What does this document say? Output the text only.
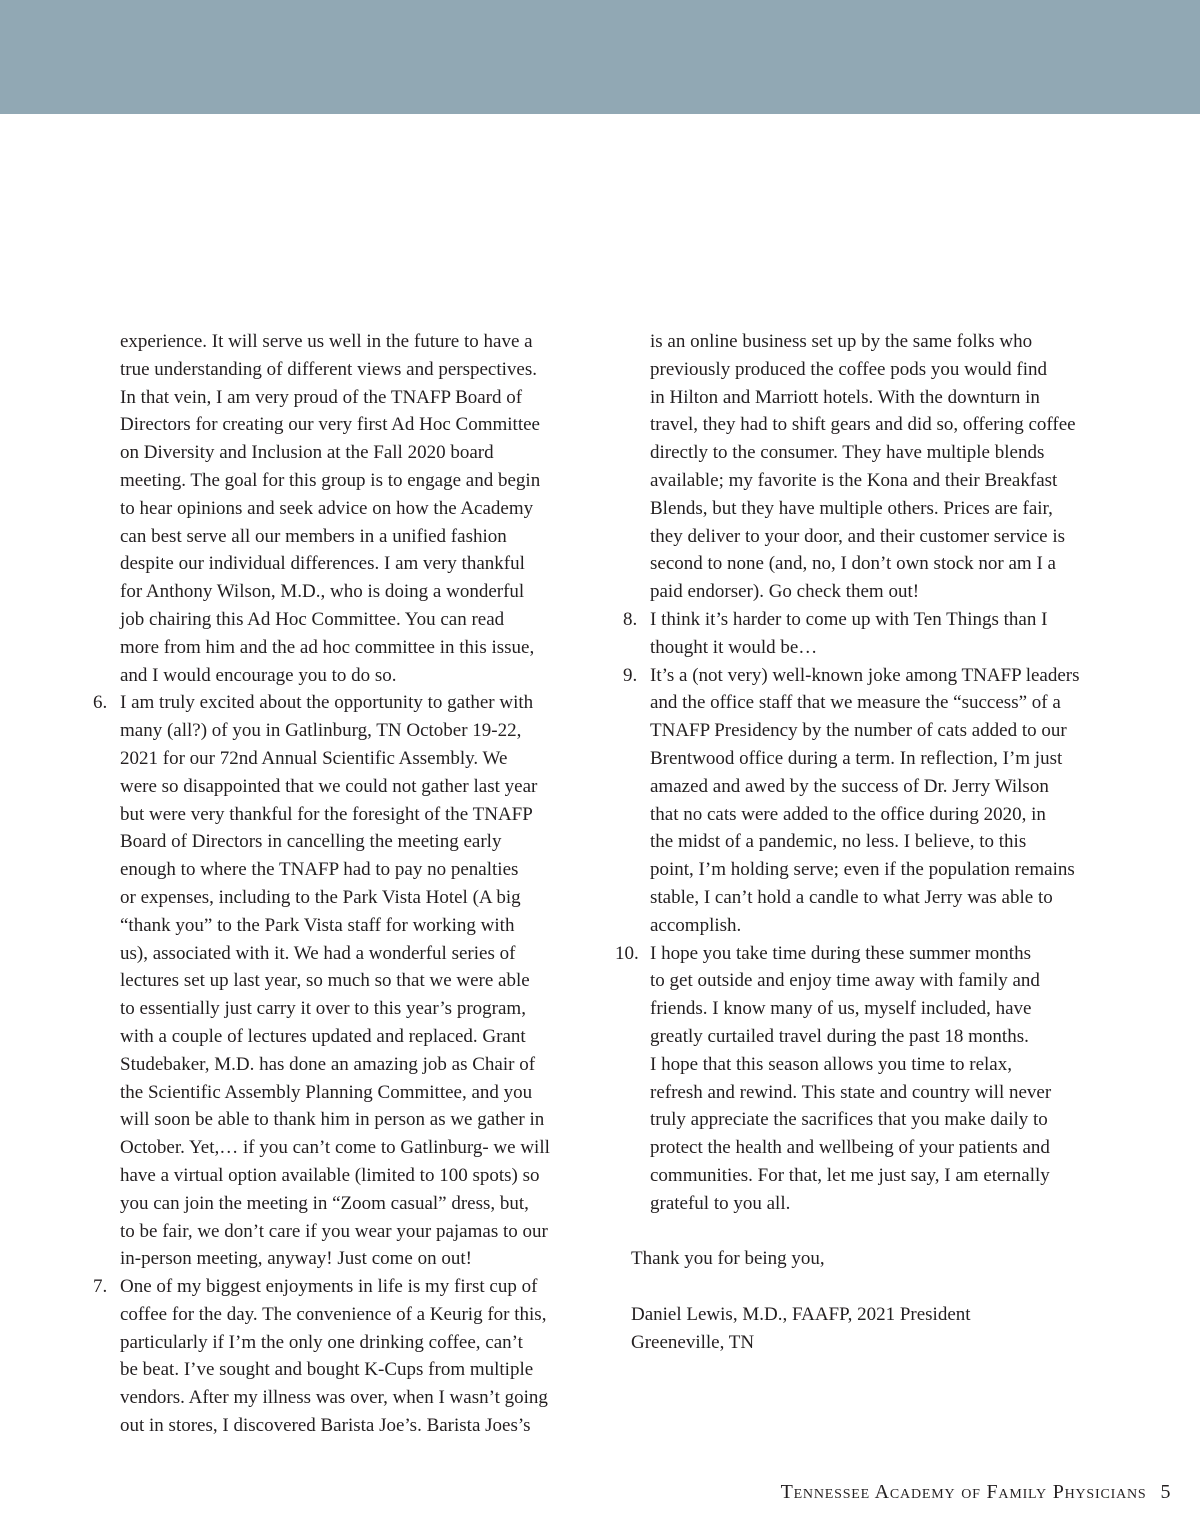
experience. It will serve us well in the future to have a
true understanding of different views and perspectives.
In that vein, I am very proud of the TNAFP Board of
Directors for creating our very first Ad Hoc Committee
on Diversity and Inclusion at the Fall 2020 board
meeting. The goal for this group is to engage and begin
to hear opinions and seek advice on how the Academy
can best serve all our members in a unified fashion
despite our individual differences. I am very thankful
for Anthony Wilson, M.D., who is doing a wonderful
job chairing this Ad Hoc Committee. You can read
more from him and the ad hoc committee in this issue,
and I would encourage you to do so.

6. I am truly excited about the opportunity to gather with
many (all?) of you in Gatlinburg, TN October 19-22,
2021 for our 72nd Annual Scientific Assembly. We
were so disappointed that we could not gather last year
but were very thankful for the foresight of the TNAFP
Board of Directors in cancelling the meeting early
enough to where the TNAFP had to pay no penalties
or expenses, including to the Park Vista Hotel (A big
“thank you” to the Park Vista staff for working with
us), associated with it. We had a wonderful series of
lectures set up last year, so much so that we were able
to essentially just carry it over to this year’s program,
with a couple of lectures updated and replaced. Grant
Studebaker, M.D. has done an amazing job as Chair of
the Scientific Assembly Planning Committee, and you
will soon be able to thank him in person as we gather in
October. Yet,… if you can’t come to Gatlinburg- we will
have a virtual option available (limited to 100 spots) so
you can join the meeting in “Zoom casual” dress, but,
to be fair, we don’t care if you wear your pajamas to our
in-person meeting, anyway! Just come on out!
7. One of my biggest enjoyments in life is my first cup of
coffee for the day. The convenience of a Keurig for this,
particularly if I’m the only one drinking coffee, can’t
be beat. I’ve sought and bought K-Cups from multiple
vendors. After my illness was over, when I wasn’t going
out in stores, I discovered Barista Joe’s. Barista Joes’s

is an online business set up by the same folks who
previously produced the coffee pods you would find
in Hilton and Marriott hotels. With the downturn in
travel, they had to shift gears and did so, offering coffee
directly to the consumer. They have multiple blends
available; my favorite is the Kona and their Breakfast
Blends, but they have multiple others. Prices are fair,
they deliver to your door, and their customer service is
second to none (and, no, I don’t own stock nor am I a
paid endorser). Go check them out!

8. I think it’s harder to come up with Ten Things than I
thought it would be…
9. It’s a (not very) well-known joke among TNAFP leaders
and the office staff that we measure the “success” of a
TNAFP Presidency by the number of cats added to our
Brentwood office during a term. In reflection, I’m just
amazed and awed by the success of Dr. Jerry Wilson
that no cats were added to the office during 2020, in
the midst of a pandemic, no less. I believe, to this
point, I’m holding serve; even if the population remains
stable, I can’t hold a candle to what Jerry was able to
accomplish.
10. I hope you take time during these summer months
to get outside and enjoy time away with family and
friends. I know many of us, myself included, have
greatly curtailed travel during the past 18 months.
I hope that this season allows you time to relax,
refresh and rewind. This state and country will never
truly appreciate the sacrifices that you make daily to
protect the health and wellbeing of your patients and
communities. For that, let me just say, I am eternally
grateful to you all.

Thank you for being you,

Daniel Lewis, M.D., FAAFP, 2021 President
Greeneville, TN

Tennessee Academy of Family Physicians 5
